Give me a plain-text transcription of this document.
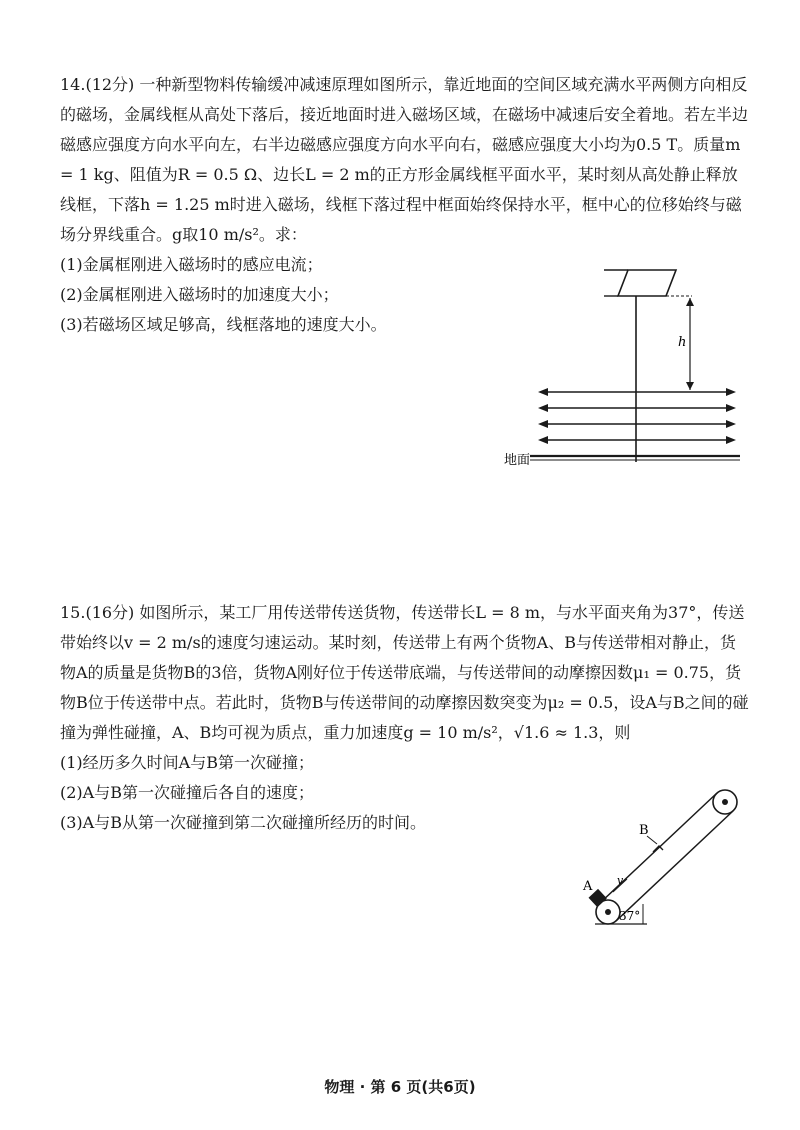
14.(12分) 一种新型物料传输缓冲减速原理如图所示，靠近地面的空间区域充满水平两侧方向相反的磁场，金属线框从高处下落后，接近地面时进入磁场区域，在磁场中减速后安全着地。若左半边磁感应强度方向水平向左，右半边磁感应强度方向水平向右，磁感应强度大小均为0.5 T。质量m = 1 kg、阻值为R = 0.5 Ω、边长L = 2 m的正方形金属线框平面水平，某时刻从高处静止释放线框，下落h = 1.25 m时进入磁场，线框下落过程中框面始终保持水平，框中心的位移始终与磁场分界线重合。g取10 m/s²。求：

(1)金属框刚进入磁场时的感应电流；

(2)金属框刚进入磁场时的加速度大小；

(3)若磁场区域足够高，线框落地的速度大小。

h
地面

15.(16分) 如图所示，某工厂用传送带传送货物，传送带长L = 8 m，与水平面夹角为37°，传送带始终以v = 2 m/s的速度匀速运动。某时刻，传送带上有两个货物A、B与传送带相对静止，货物A的质量是货物B的3倍，货物A刚好位于传送带底端，与传送带间的动摩擦因数μ₁ = 0.75，货物B位于传送带中点。若此时，货物B与传送带间的动摩擦因数突变为μ₂ = 0.5，设A与B之间的碰撞为弹性碰撞，A、B均可视为质点，重力加速度g = 10 m/s²，√1.6 ≈ 1.3，则

(1)经历多久时间A与B第一次碰撞；

(2)A与B第一次碰撞后各自的速度；

(3)A与B从第一次碰撞到第二次碰撞所经历的时间。	B
A v
37°
物理 · 第 6 页(共6页)
